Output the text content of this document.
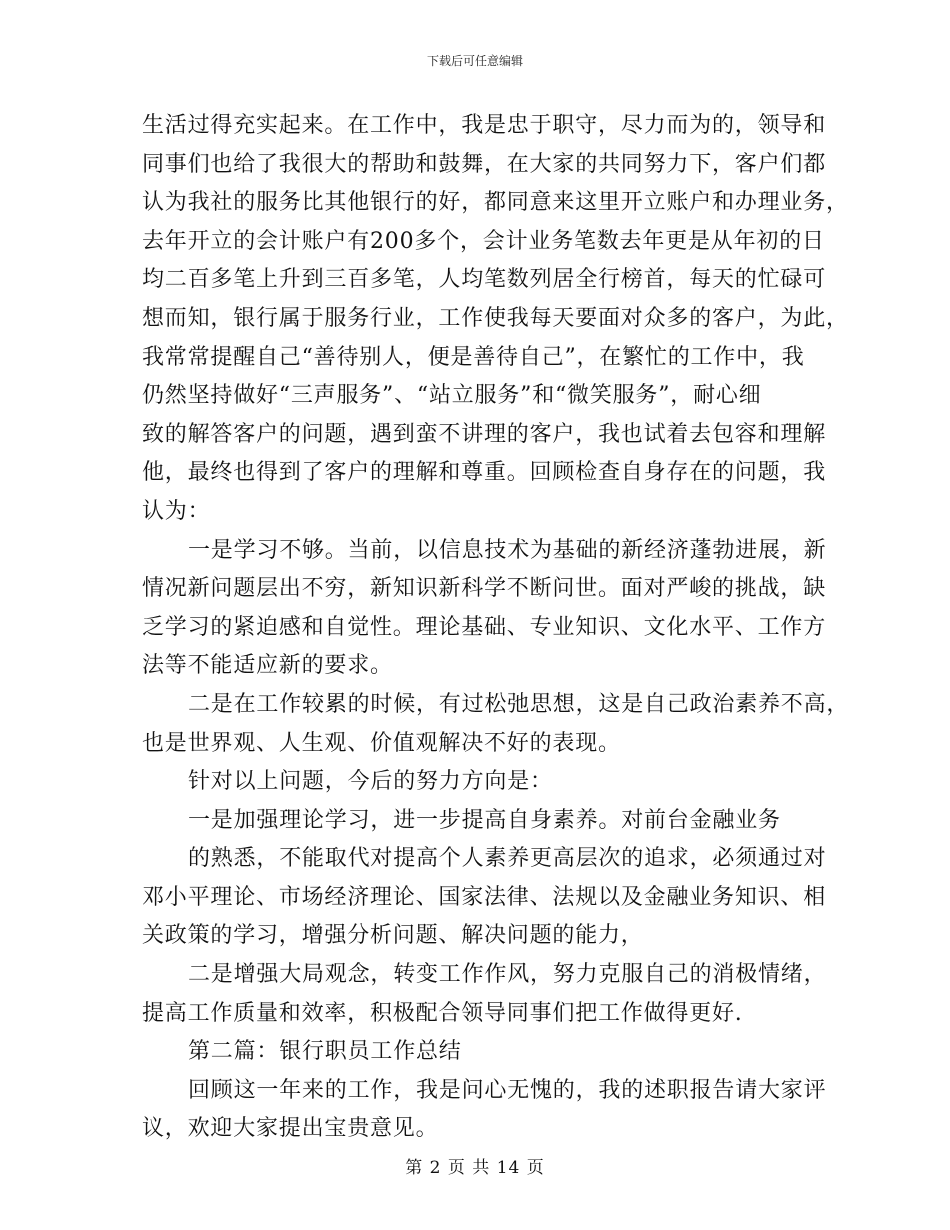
下载后可任意编辑
生活过得充实起来。在工作中，我是忠于职守，尽力而为的，领导和
同事们也给了我很大的帮助和鼓舞，在大家的共同努力下，客户们都
认为我社的服务比其他银行的好，都同意来这里开立账户和办理业务，
去年开立的会计账户有200多个，会计业务笔数去年更是从年初的日
均二百多笔上升到三百多笔，人均笔数列居全行榜首，每天的忙碌可
想而知，银行属于服务行业，工作使我每天要面对众多的客户，为此，
我常常提醒自己“善待别人，便是善待自己”，在繁忙的工作中，我
仍然坚持做好“三声服务”、“站立服务”和“微笑服务”，耐心细
致的解答客户的问题，遇到蛮不讲理的客户，我也试着去包容和理解
他，最终也得到了客户的理解和尊重。回顾检查自身存在的问题，我
认为：
一是学习不够。当前，以信息技术为基础的新经济蓬勃进展，新
情况新问题层出不穷，新知识新科学不断问世。面对严峻的挑战，缺
乏学习的紧迫感和自觉性。理论基础、专业知识、文化水平、工作方
法等不能适应新的要求。
二是在工作较累的时候，有过松弛思想，这是自己政治素养不高，
也是世界观、人生观、价值观解决不好的表现。
针对以上问题，今后的努力方向是：
一是加强理论学习，进一步提高自身素养。对前台金融业务
的熟悉，不能取代对提高个人素养更高层次的追求，必须通过对
邓小平理论、市场经济理论、国家法律、法规以及金融业务知识、相
关政策的学习，增强分析问题、解决问题的能力，
二是增强大局观念，转变工作作风，努力克服自己的消极情绪，
提高工作质量和效率，积极配合领导同事们把工作做得更好.
第二篇：银行职员工作总结
回顾这一年来的工作，我是问心无愧的，我的述职报告请大家评
议，欢迎大家提出宝贵意见。
第 2 页 共 14 页
